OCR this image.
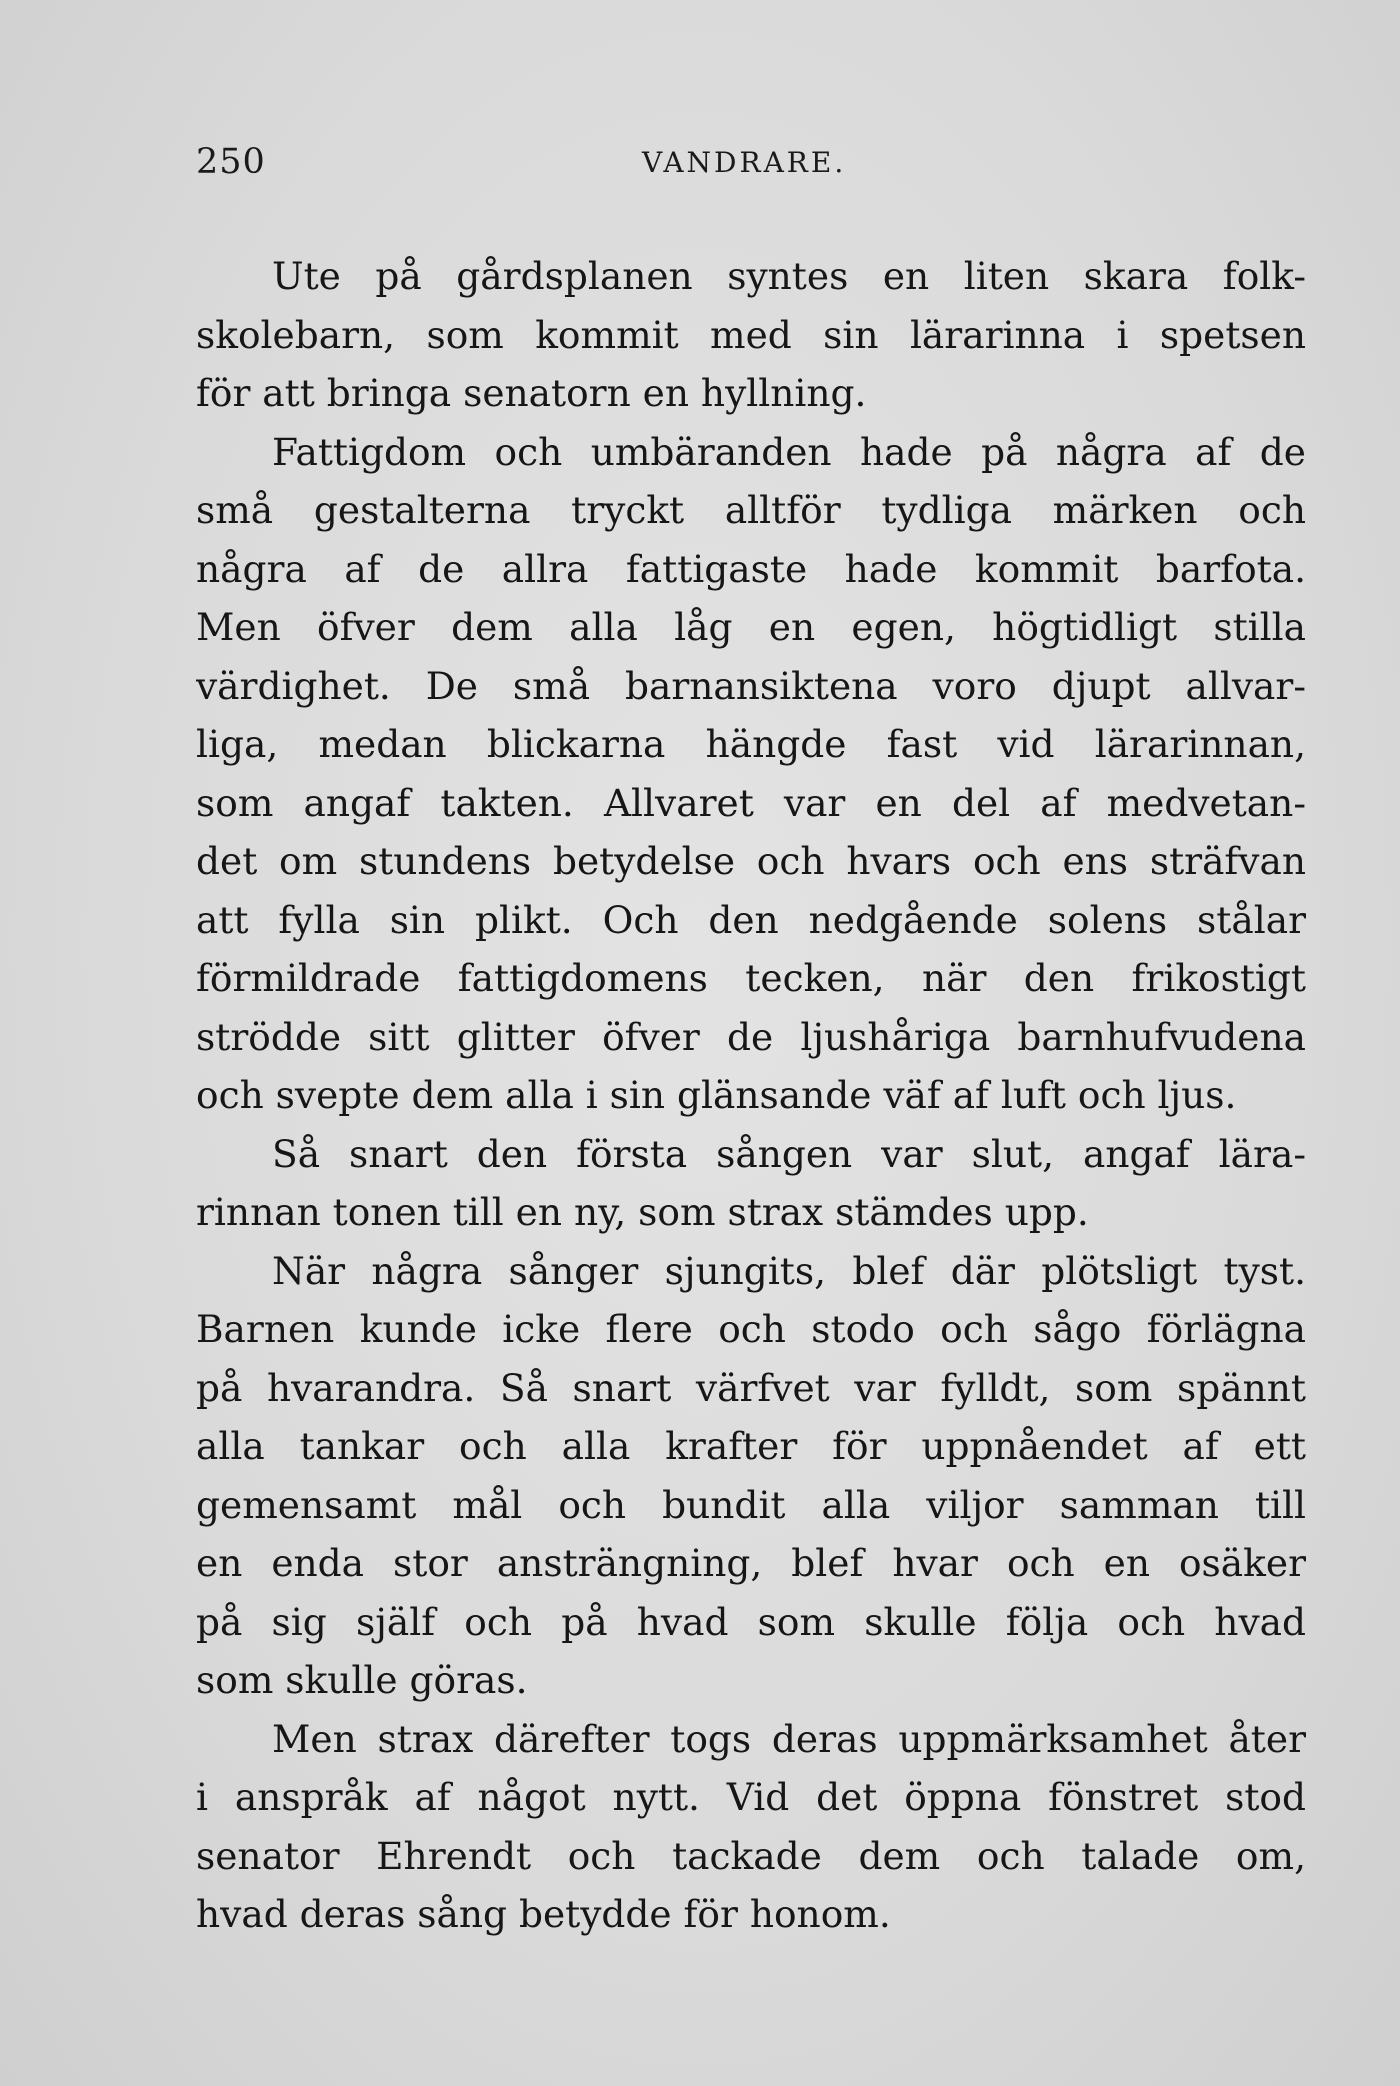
250	VANDRARE.
Ute på gårdsplanen syntes en liten skara folk-
skolebarn, som kommit med sin lärarinna i spetsen
för att bringa senatorn en hyllning.
Fattigdom och umbäranden hade på några af de
små gestalterna tryckt alltför tydliga märken och
några af de allra fattigaste hade kommit barfota.
Men öfver dem alla låg en egen, högtidligt stilla
värdighet. De små barnansiktena voro djupt allvar-
liga, medan blickarna hängde fast vid lärarinnan,
som angaf takten. Allvaret var en del af medvetan-
det om stundens betydelse och hvars och ens sträfvan
att fylla sin plikt. Och den nedgående solens stålar
förmildrade fattigdomens tecken, när den frikostigt
strödde sitt glitter öfver de ljushåriga barnhufvudena
och svepte dem alla i sin glänsande väf af luft och ljus.
Så snart den första sången var slut, angaf lära-
rinnan tonen till en ny, som strax stämdes upp.
När några sånger sjungits, blef där plötsligt tyst.
Barnen kunde icke flere och stodo och sågo förlägna
på hvarandra. Så snart värfvet var fylldt, som spännt
alla tankar och alla krafter för uppnåendet af ett
gemensamt mål och bundit alla viljor samman till
en enda stor ansträngning, blef hvar och en osäker
på sig själf och på hvad som skulle följa och hvad
som skulle göras.
Men strax därefter togs deras uppmärksamhet åter
i anspråk af något nytt. Vid det öppna fönstret stod
senator Ehrendt och tackade dem och talade om,
hvad deras sång betydde för honom.
